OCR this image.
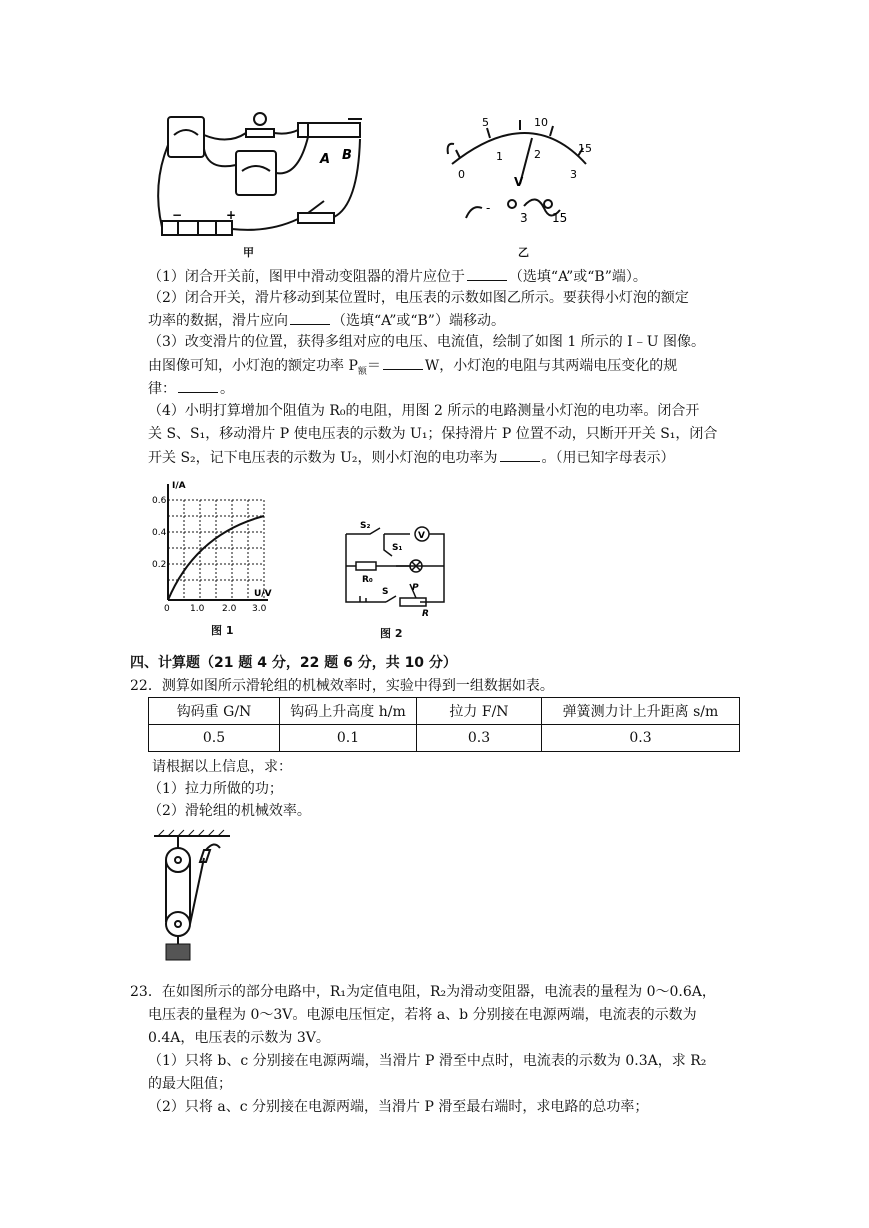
−	+
A B
甲
5	10
15
0
1	2
3
V
-
3 15
乙
（1）闭合开关前，图甲中滑动变阻器的滑片应位于	（选填“A”或“B”端）。
（2）闭合开关，滑片移动到某位置时，电压表的示数如图乙所示。要获得小灯泡的额定
功率的数据，滑片应向	（选填“A”或“B”）端移动。
（3）改变滑片的位置，获得多组对应的电压、电流值，绘制了如图 1 所示的 I﹣U 图像。
由图像可知，小灯泡的额定功率 $P_额=$	W，小灯泡的电阻与其两端电压变化的规
律：	。
（4）小明打算增加个阻值为 R₀的电阻，用图 2 所示的电路测量小灯泡的电功率。闭合开
关 S、S₁，移动滑片 P 使电压表的示数为 U₁；保持滑片 P 位置不动，只断开开关 S₁，闭合
开关 S₂，记下电压表的示数为 U₂，则小灯泡的电功率为	。（用已知字母表示）
I/A
U/V
0.6
0.4
0.2
0 1.0 2.0 3.0
图 1
S₂
S₁
V
R₀
S	P
R
图 2
四、计算题（21 题 4 分，22 题 6 分，共 10 分）
22．测算如图所示滑轮组的机械效率时，实验中得到一组数据如表。
钩码重 G/N	钩码上升高度 h/m	拉力 F/N	弹簧测力计上升距离 s/m
0.5	0.1	0.3	0.3
请根据以上信息，求：
（1）拉力所做的功；
（2）滑轮组的机械效率。
23．在如图所示的部分电路中，R₁为定值电阻，R₂为滑动变阻器，电流表的量程为 0～0.6A，
电压表的量程为 0～3V。电源电压恒定，若将 a、b 分别接在电源两端，电流表的示数为
0.4A，电压表的示数为 3V。
（1）只将 b、c 分别接在电源两端，当滑片 P 滑至中点时，电流表的示数为 0.3A，求 R₂
的最大阻值；
（2）只将 a、c 分别接在电源两端，当滑片 P 滑至最右端时，求电路的总功率；
